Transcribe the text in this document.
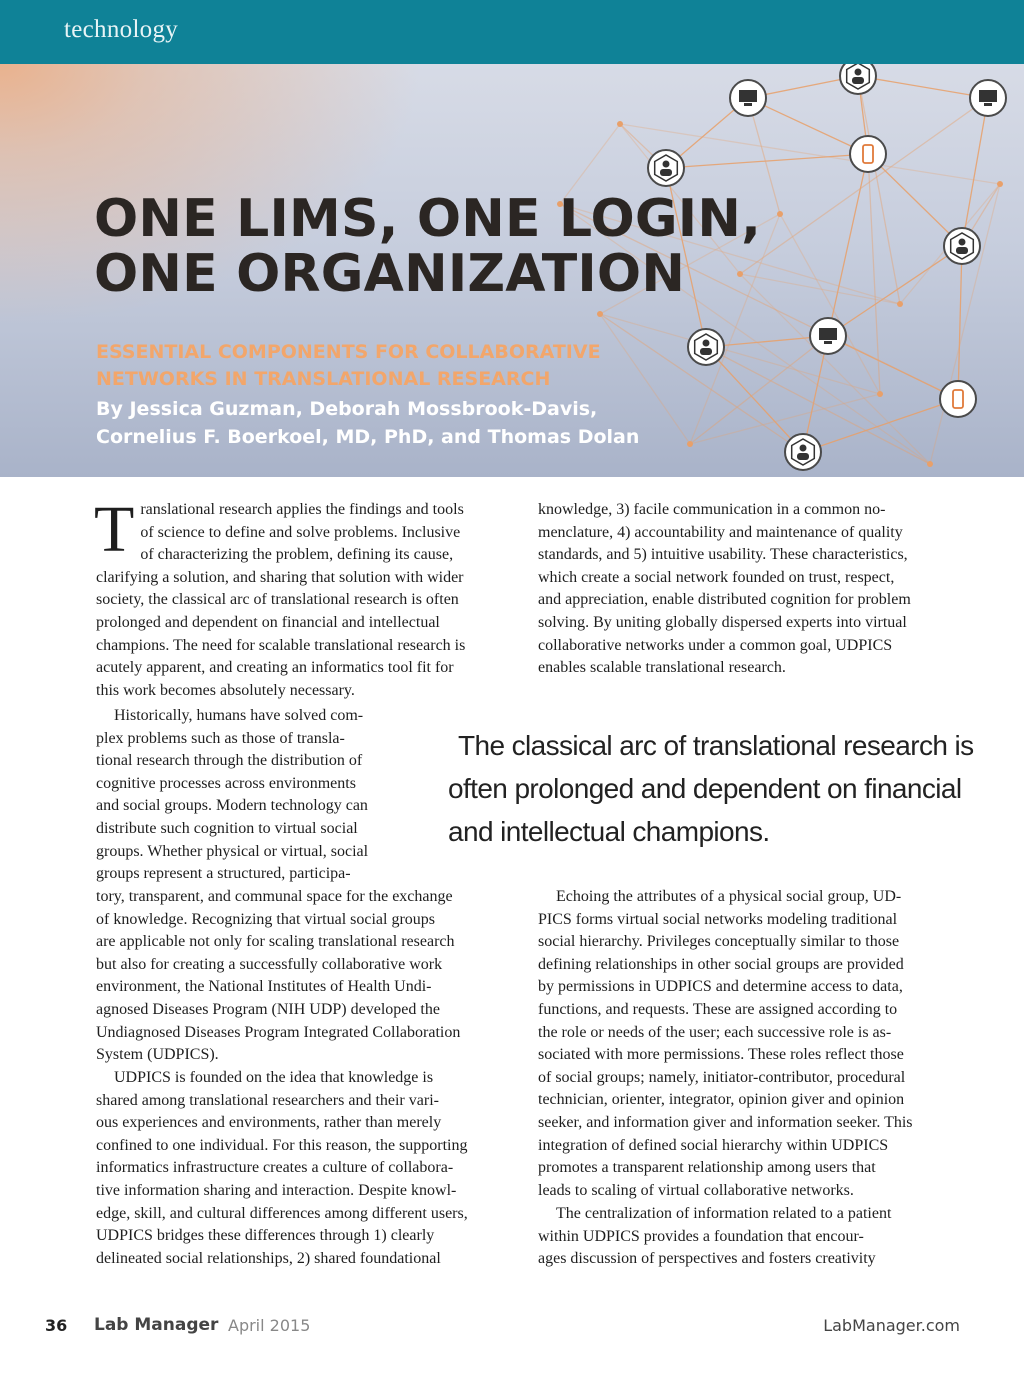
technology
ONE LIMS, ONE LOGIN,
ONE ORGANIZATION
ESSENTIAL COMPONENTS FOR COLLABORATIVE
NETWORKS IN TRANSLATIONAL RESEARCH
By Jessica Guzman, Deborah Mossbrook-Davis,
Cornelius F. Boerkoel, MD, PhD, and Thomas Dolan
T ranslational research applies the findings and tools
of science to define and solve problems. Inclusive
of characterizing the problem, defining its cause,
clarifying a solution, and sharing that solution with wider
society, the classical arc of translational research is often
prolonged and dependent on financial and intellectual
champions. The need for scalable translational research is
acutely apparent, and creating an informatics tool fit for
this work becomes absolutely necessary.
Historically, humans have solved com-
plex problems such as those of transla-
tional research through the distribution of
cognitive processes across environments
and social groups. Modern technology can
distribute such cognition to virtual social
groups. Whether physical or virtual, social
groups represent a structured, participa-
tory, transparent, and communal space for the exchange
of knowledge. Recognizing that virtual social groups
are applicable not only for scaling translational research
but also for creating a successfully collaborative work
environment, the National Institutes of Health Undi-
agnosed Diseases Program (NIH UDP) developed the
Undiagnosed Diseases Program Integrated Collaboration
System (UDPICS).
UDPICS is founded on the idea that knowledge is
shared among translational researchers and their vari-
ous experiences and environments, rather than merely
confined to one individual. For this reason, the supporting
informatics infrastructure creates a culture of collabora-
tive information sharing and interaction. Despite knowl-
edge, skill, and cultural differences among different users,
UDPICS bridges these differences through 1) clearly
delineated social relationships, 2) shared foundational
knowledge, 3) facile communication in a common no-
menclature, 4) accountability and maintenance of quality
standards, and 5) intuitive usability. These characteristics,
which create a social network founded on trust, respect,
and appreciation, enable distributed cognition for problem
solving. By uniting globally dispersed experts into virtual
collaborative networks under a common goal, UDPICS
enables scalable translational research.
The classical arc of translational research is
often prolonged and dependent on financial
and intellectual champions.
Echoing the attributes of a physical social group, UD-
PICS forms virtual social networks modeling traditional
social hierarchy. Privileges conceptually similar to those
defining relationships in other social groups are provided
by permissions in UDPICS and determine access to data,
functions, and requests. These are assigned according to
the role or needs of the user; each successive role is as-
sociated with more permissions. These roles reflect those
of social groups; namely, initiator-contributor, procedural
technician, orienter, integrator, opinion giver and opinion
seeker, and information giver and information seeker. This
integration of defined social hierarchy within UDPICS
promotes a transparent relationship among users that
leads to scaling of virtual collaborative networks.
The centralization of information related to a patient
within UDPICS provides a foundation that encour-
ages discussion of perspectives and fosters creativity
36 Lab Manager April 2015	LabManager.com
